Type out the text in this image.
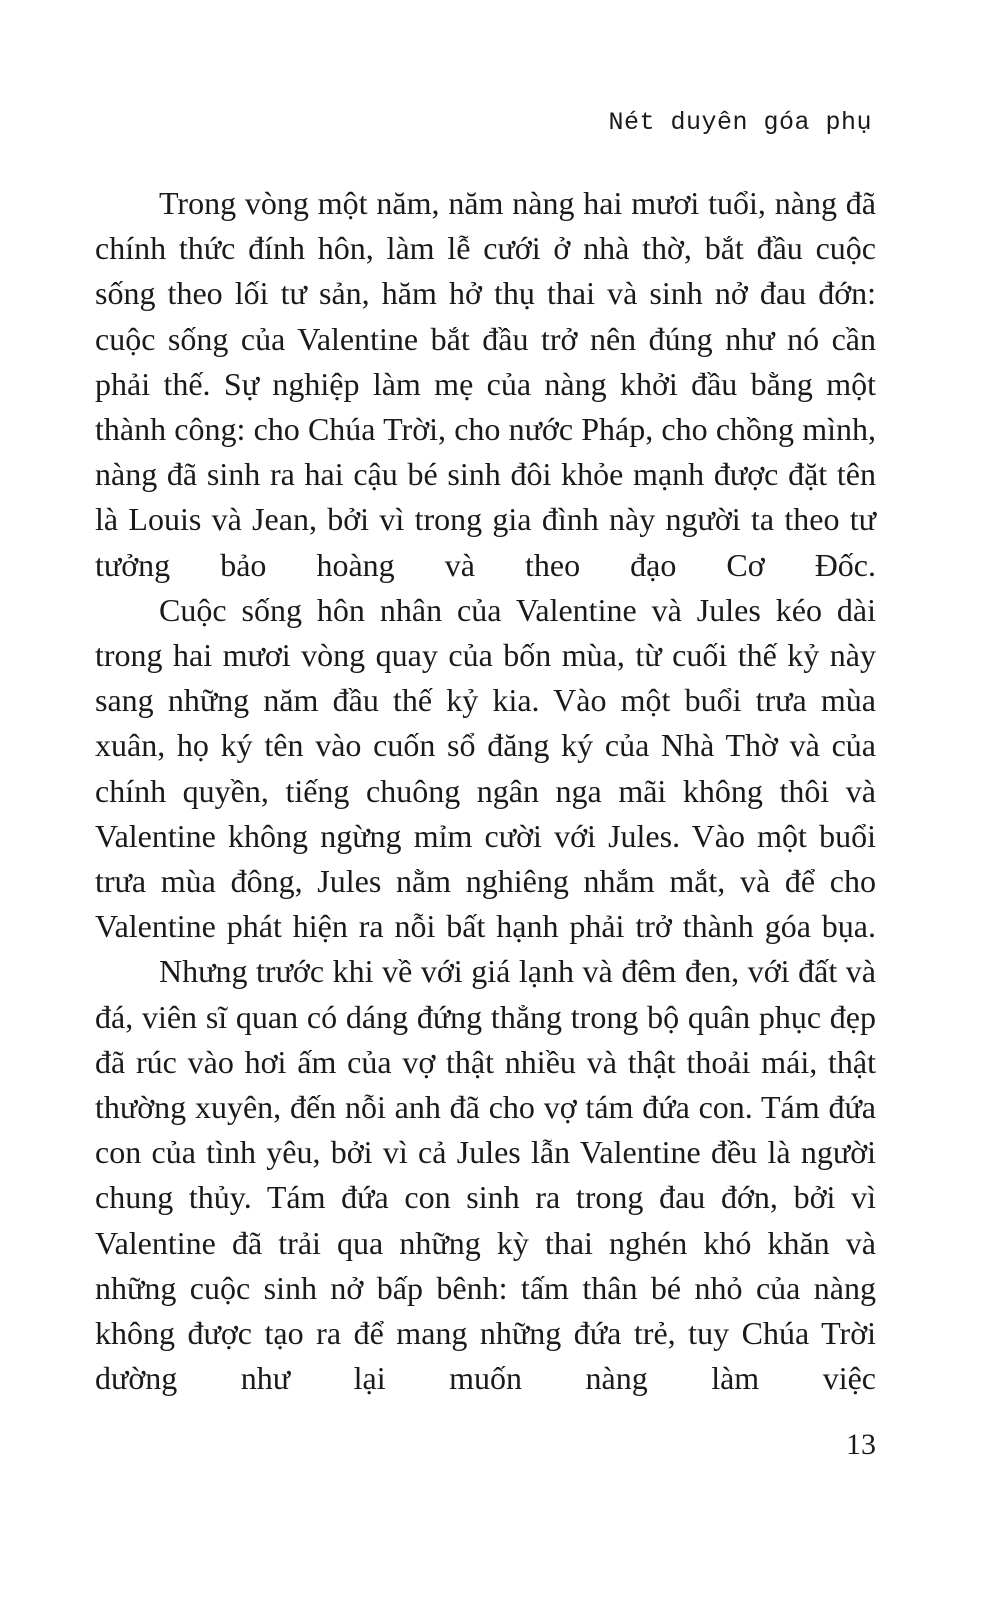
Nét duyên góa phụ

Trong vòng một năm, năm nàng hai mươi tuổi, nàng đã chính thức đính hôn, làm lễ cưới ở nhà thờ, bắt đầu cuộc sống theo lối tư sản, hăm hở thụ thai và sinh nở đau đớn: cuộc sống của Valentine bắt đầu trở nên đúng như nó cần phải thế. Sự nghiệp làm mẹ của nàng khởi đầu bằng một thành công: cho Chúa Trời, cho nước Pháp, cho chồng mình, nàng đã sinh ra hai cậu bé sinh đôi khỏe mạnh được đặt tên là Louis và Jean, bởi vì trong gia đình này người ta theo tư tưởng bảo hoàng và theo đạo Cơ Đốc.

Cuộc sống hôn nhân của Valentine và Jules kéo dài trong hai mươi vòng quay của bốn mùa, từ cuối thế kỷ này sang những năm đầu thế kỷ kia. Vào một buổi trưa mùa xuân, họ ký tên vào cuốn sổ đăng ký của Nhà Thờ và của chính quyền, tiếng chuông ngân nga mãi không thôi và Valentine không ngừng mỉm cười với Jules. Vào một buổi trưa mùa đông, Jules nằm nghiêng nhắm mắt, và để cho Valentine phát hiện ra nỗi bất hạnh phải trở thành góa bụa.

Nhưng trước khi về với giá lạnh và đêm đen, với đất và đá, viên sĩ quan có dáng đứng thẳng trong bộ quân phục đẹp đã rúc vào hơi ấm của vợ thật nhiều và thật thoải mái, thật thường xuyên, đến nỗi anh đã cho vợ tám đứa con. Tám đứa con của tình yêu, bởi vì cả Jules lẫn Valentine đều là người chung thủy. Tám đứa con sinh ra trong đau đớn, bởi vì Valentine đã trải qua những kỳ thai nghén khó khăn và những cuộc sinh nở bấp bênh: tấm thân bé nhỏ của nàng không được tạo ra để mang những đứa trẻ, tuy Chúa Trời dường như lại muốn nàng làm việc

13
